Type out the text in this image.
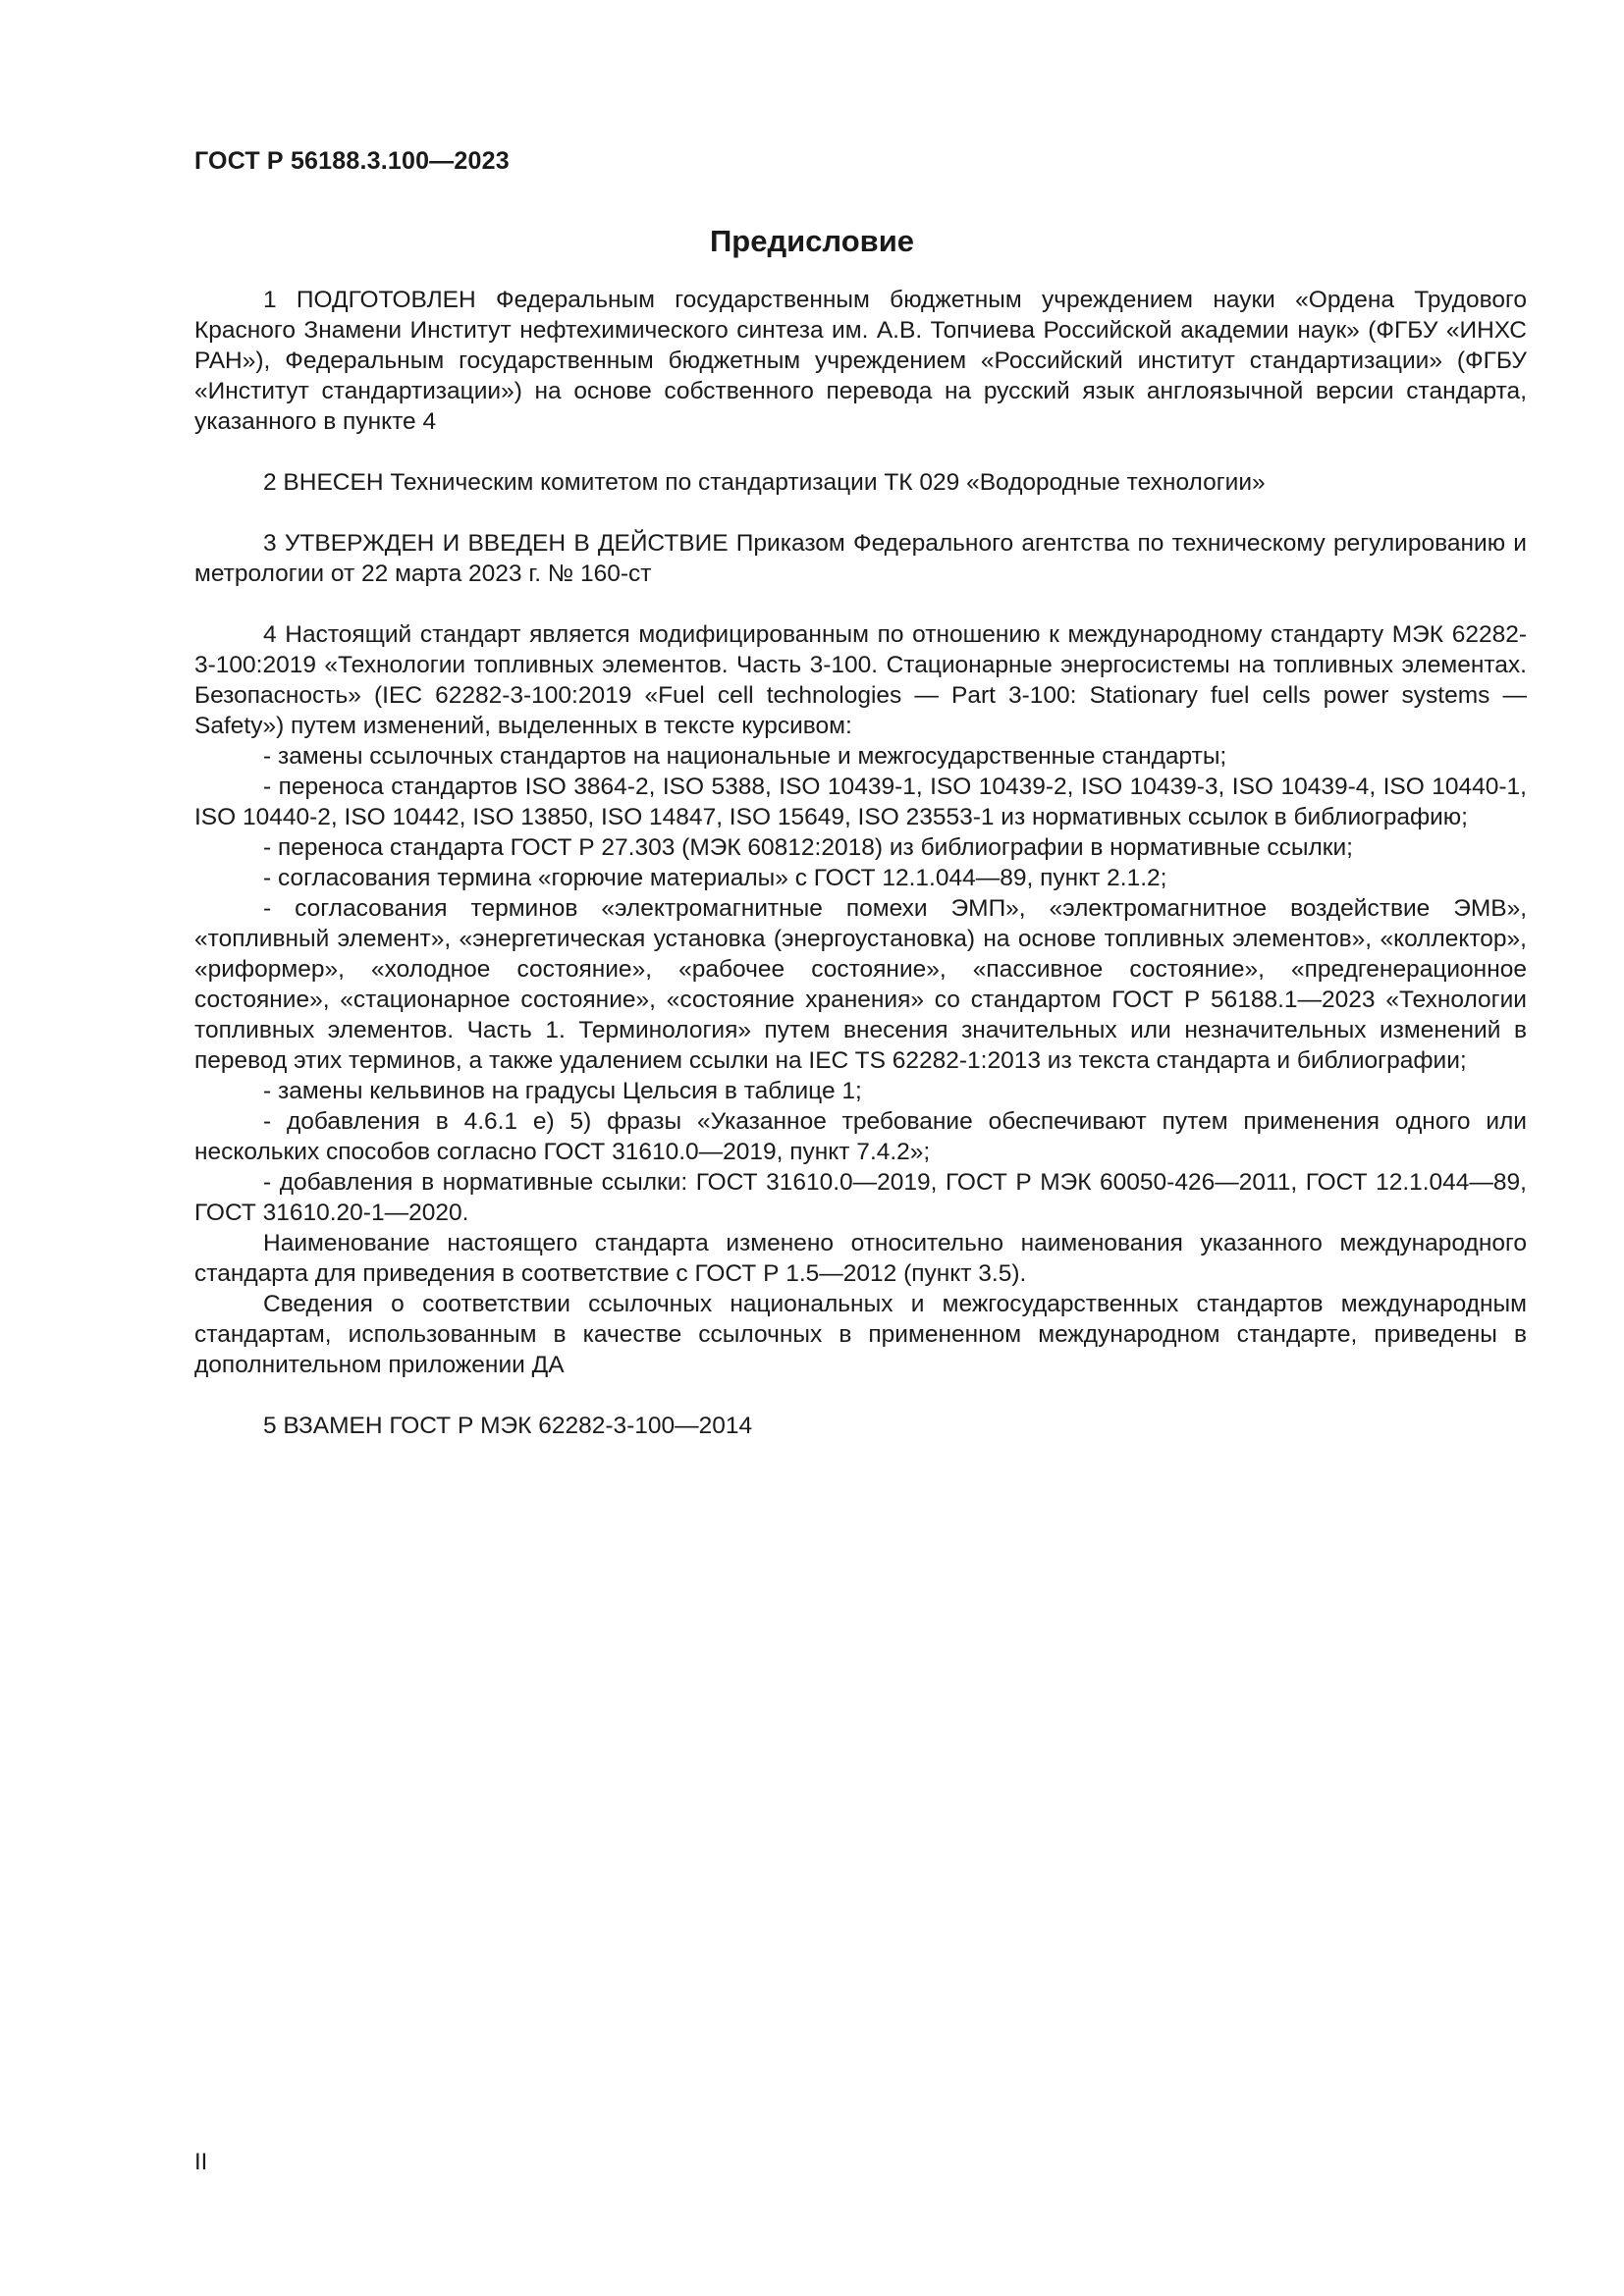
ГОСТ Р 56188.3.100—2023
Предисловие

1 ПОДГОТОВЛЕН Федеральным государственным бюджетным учреждением науки «Ордена Трудового Красного Знамени Институт нефтехимического синтеза им. А.В. Топчиева Российской академии наук» (ФГБУ «ИНХС РАН»), Федеральным государственным бюджетным учреждением «Российский институт стандартизации» (ФГБУ «Институт стандартизации») на основе собственного перевода на русский язык англоязычной версии стандарта, указанного в пункте 4

2 ВНЕСЕН Техническим комитетом по стандартизации ТК 029 «Водородные технологии»

3 УТВЕРЖДЕН И ВВЕДЕН В ДЕЙСТВИЕ Приказом Федерального агентства по техническому регулированию и метрологии от 22 марта 2023 г. № 160-ст

4 Настоящий стандарт является модифицированным по отношению к международному стандарту МЭК 62282-3-100:2019 «Технологии топливных элементов. Часть 3-100. Стационарные энергосистемы на топливных элементах. Безопасность» (IEC 62282-3-100:2019 «Fuel cell technologies — Part 3-100: Stationary fuel cells power systems — Safety») путем изменений, выделенных в тексте курсивом:

- замены ссылочных стандартов на национальные и межгосударственные стандарты;

- переноса стандартов ISO 3864-2, ISO 5388, ISO 10439-1, ISO 10439-2, ISO 10439-3, ISO 10439-4, ISO 10440-1, ISO 10440-2, ISO 10442, ISO 13850, ISO 14847, ISO 15649, ISO 23553-1 из нормативных ссылок в библиографию;

- переноса стандарта ГОСТ Р 27.303 (МЭК 60812:2018) из библиографии в нормативные ссылки;

- согласования термина «горючие материалы» с ГОСТ 12.1.044—89, пункт 2.1.2;

- согласования терминов «электромагнитные помехи ЭМП», «электромагнитное воздействие ЭМВ», «топливный элемент», «энергетическая установка (энергоустановка) на основе топливных элементов», «коллектор», «риформер», «холодное состояние», «рабочее состояние», «пассивное состояние», «предгенерационное состояние», «стационарное состояние», «состояние хранения» со стандартом ГОСТ Р 56188.1—2023 «Технологии топливных элементов. Часть 1. Терминология» путем внесения значительных или незначительных изменений в перевод этих терминов, а также удалением ссылки на IEC TS 62282-1:2013 из текста стандарта и библиографии;

- замены кельвинов на градусы Цельсия в таблице 1;

- добавления в 4.6.1 е) 5) фразы «Указанное требование обеспечивают путем применения одного или нескольких способов согласно ГОСТ 31610.0—2019, пункт 7.4.2»;

- добавления в нормативные ссылки: ГОСТ 31610.0—2019, ГОСТ Р МЭК 60050-426—2011, ГОСТ 12.1.044—89, ГОСТ 31610.20-1—2020.

Наименование настоящего стандарта изменено относительно наименования указанного международного стандарта для приведения в соответствие с ГОСТ Р 1.5—2012 (пункт 3.5).

Сведения о соответствии ссылочных национальных и межгосударственных стандартов международным стандартам, использованным в качестве ссылочных в примененном международном стандарте, приведены в дополнительном приложении ДА

5 ВЗАМЕН ГОСТ Р МЭК 62282-3-100—2014

II
